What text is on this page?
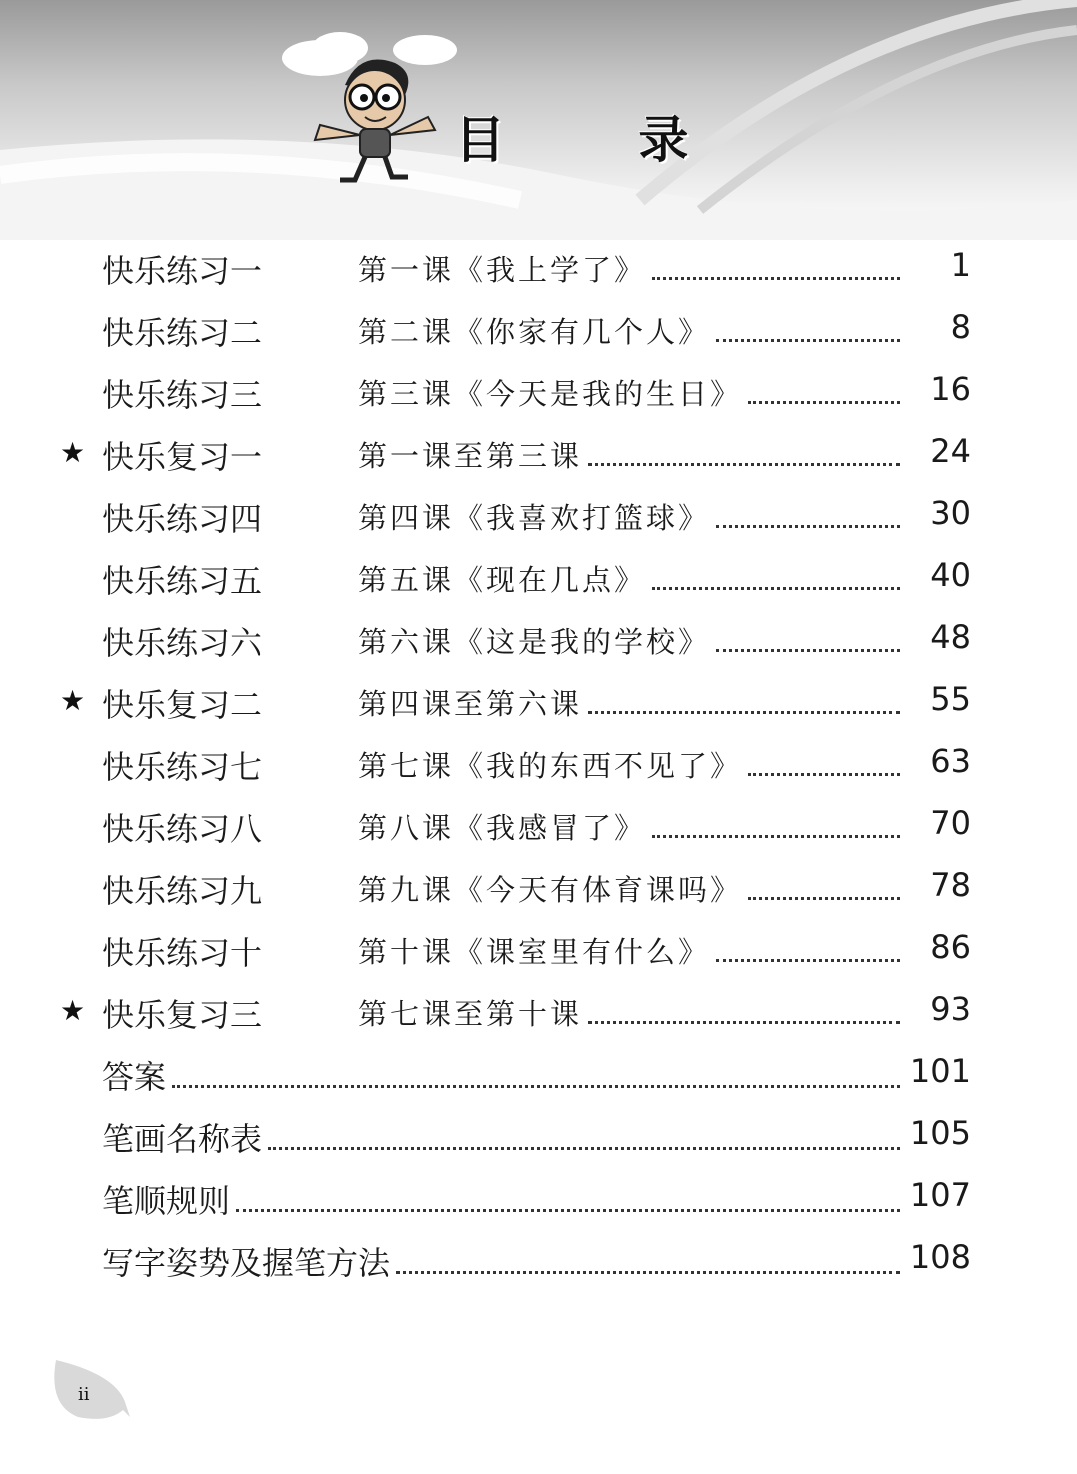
目 录
快乐练习一	第一课《我上学了》	1
快乐练习二	第二课《你家有几个人》	8
快乐练习三	第三课《今天是我的生日》	16
★ 快乐复习一	第一课至第三课	24
快乐练习四	第四课《我喜欢打篮球》	30
快乐练习五	第五课《现在几点》	40
快乐练习六	第六课《这是我的学校》	48
★ 快乐复习二	第四课至第六课	55
快乐练习七	第七课《我的东西不见了》	63
快乐练习八	第八课《我感冒了》	70
快乐练习九	第九课《今天有体育课吗》	78
快乐练习十	第十课《课室里有什么》	86
★ 快乐复习三	第七课至第十课	93
答案	101
笔画名称表	105
笔顺规则	107
写字姿势及握笔方法	108
ii
